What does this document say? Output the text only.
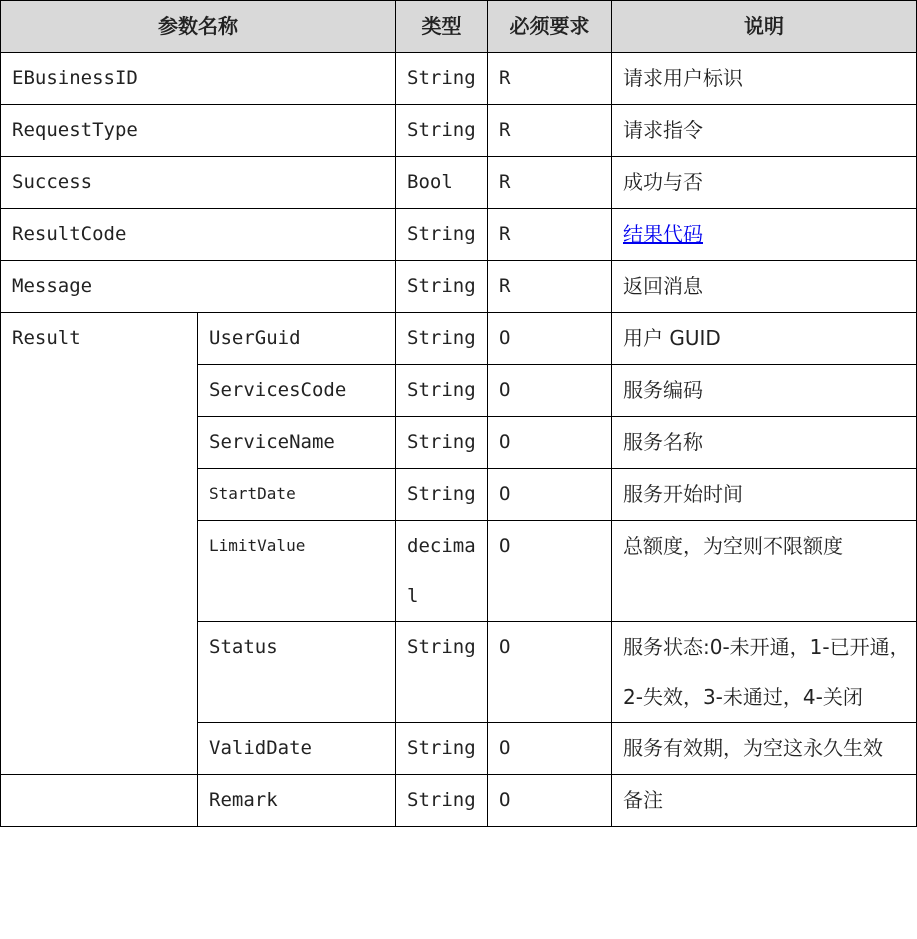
参数名称		类型	必须要求	说明
EBusinessID		String	R	请求用户标识
RequestType		String	R	请求指令
Success		Bool	R	成功与否
ResultCode		String	R	结果代码
Message		String	R	返回消息
Result	UserGuid	String	O	用户 GUID
	ServicesCode	String	O	服务编码
	ServiceName	String	O	服务名称
	StartDate	String	O	服务开始时间
	LimitValue	decimal	O	总额度，为空则不限额度
	Status	String	O	服务状态:0-未开通，1-已开通，2-失效，3-未通过，4-关闭
	ValidDate	String	O	服务有效期，为空这永久生效
	Remark	String	O	备注
